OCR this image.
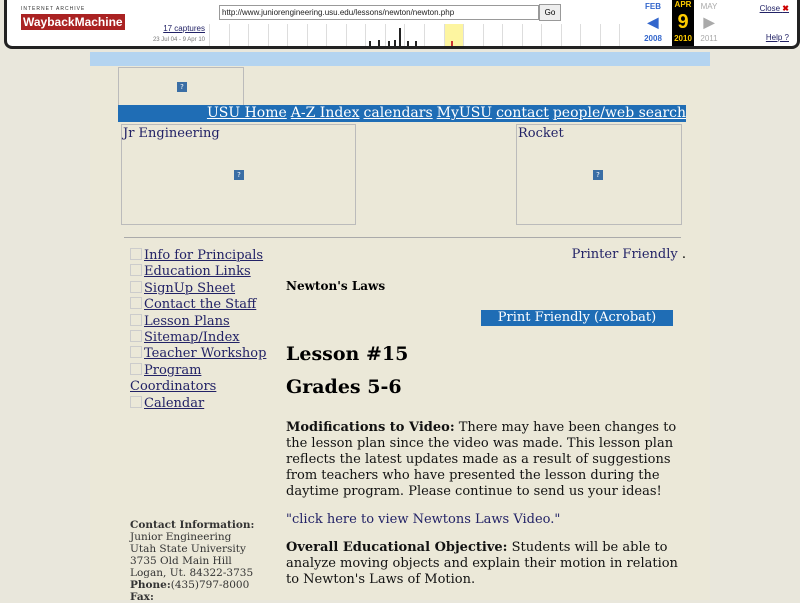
INTERNET ARCHIVE
WaybackMachine
http://www.juniorengineering.usu.edu/lessons/newton/newton.php	Go
17 captures
23 Jul 04 - 9 Apr 10
FEB
◀
2008
APR
9
2010
MAY
▶
2011
Close ✖
Help ?
?
USU Home A-Z Index calendars MyUSU contact people/web search
Jr Engineering
?
Rocket
?
Info for Principals
Education Links
SignUp Sheet
Contact the Staff
Lesson Plans
Sitemap/Index
Teacher Workshop
Program Coordinators
Calendar
Contact Information:
Junior Engineering
Utah State University
3735 Old Main Hill
Logan, Ut. 84322-3735
Phone:(435)797-8000
Fax:
Printer Friendly .
Newton's Laws
Print Friendly (Acrobat)
Lesson #15
Grades 5-6

Modifications to Video: There may have been changes to the lesson plan since the video was made. This lesson plan reflects the latest updates made as a result of suggestions from teachers who have presented the lesson during the daytime program. Please continue to send us your ideas!

"click here to view Newtons Laws Video."

Overall Educational Objective: Students will be able to analyze moving objects and explain their motion in relation to Newton's Laws of Motion.
